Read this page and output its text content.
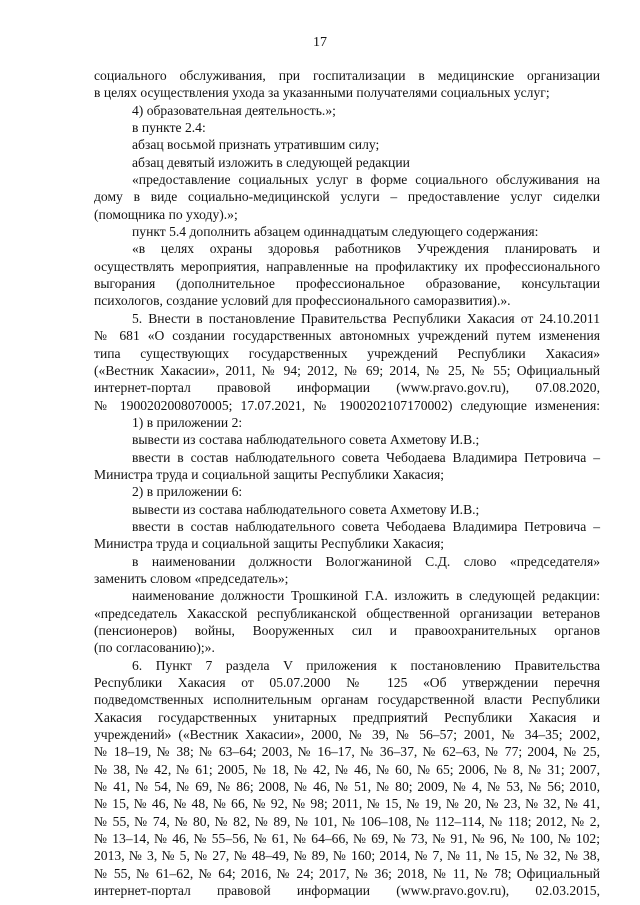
17
социального обслуживания, при госпитализации в медицинские организации
в целях осуществления ухода за указанными получателями социальных услуг;
4) образовательная деятельность.»;
в пункте 2.4:
абзац восьмой признать утратившим силу;
абзац девятый изложить в следующей редакции
«предоставление социальных услуг в форме социального обслуживания на
дому в виде социально-медицинской услуги – предоставление услуг сиделки
(помощника по уходу).»;
пункт 5.4 дополнить абзацем одиннадцатым следующего содержания:
«в целях охраны здоровья работников Учреждения планировать и
осуществлять мероприятия, направленные на профилактику их профессионального
выгорания (дополнительное профессиональное образование, консультации
психологов, создание условий для профессионального саморазвития).».
5. Внести в постановление Правительства Республики Хакасия от 24.10.2011
№ 681 «О создании государственных автономных учреждений путем изменения
типа существующих государственных учреждений Республики Хакасия»
(«Вестник Хакасии», 2011, № 94; 2012, № 69; 2014, № 25, № 55; Официальный
интернет-портал правовой информации (www.pravo.gov.ru), 07.08.2020,
№ 1900202008070005; 17.07.2021, № 1900202107170002) следующие изменения:
1) в приложении 2:
вывести из состава наблюдательного совета Ахметову И.В.;
ввести в состав наблюдательного совета Чебодаева Владимира Петровича –
Министра труда и социальной защиты Республики Хакасия;
2) в приложении 6:
вывести из состава наблюдательного совета Ахметову И.В.;
ввести в состав наблюдательного совета Чебодаева Владимира Петровича –
Министра труда и социальной защиты Республики Хакасия;
в наименовании должности Вологжаниной С.Д. слово «председателя»
заменить словом «председатель»;
наименование должности Трошкиной Г.А. изложить в следующей редакции:
«председатель Хакасской республиканской общественной организации ветеранов
(пенсионеров) войны, Вооруженных сил и правоохранительных органов
(по согласованию);».
6. Пункт 7 раздела V приложения к постановлению Правительства
Республики Хакасия от 05.07.2000 № 125 «Об утверждении перечня
подведомственных исполнительным органам государственной власти Республики
Хакасия государственных унитарных предприятий Республики Хакасия и
учреждений» («Вестник Хакасии», 2000, № 39, № 56–57; 2001, № 34–35; 2002,
№ 18–19, № 38; № 63–64; 2003, № 16–17, № 36–37, № 62–63, № 77; 2004, № 25,
№ 38, № 42, № 61; 2005, № 18, № 42, № 46, № 60, № 65; 2006, № 8, № 31; 2007,
№ 41, № 54, № 69, № 86; 2008, № 46, № 51, № 80; 2009, № 4, № 53, № 56; 2010,
№ 15, № 46, № 48, № 66, № 92, № 98; 2011, № 15, № 19, № 20, № 23, № 32, № 41,
№ 55, № 74, № 80, № 82, № 89, № 101, № 106–108, № 112–114, № 118; 2012, № 2,
№ 13–14, № 46, № 55–56, № 61, № 64–66, № 69, № 73, № 91, № 96, № 100, № 102;
2013, № 3, № 5, № 27, № 48–49, № 89, № 160; 2014, № 7, № 11, № 15, № 32, № 38,
№ 55, № 61–62, № 64; 2016, № 24; 2017, № 36; 2018, № 11, № 78; Официальный
интернет-портал правовой информации (www.pravo.gov.ru), 02.03.2015,
